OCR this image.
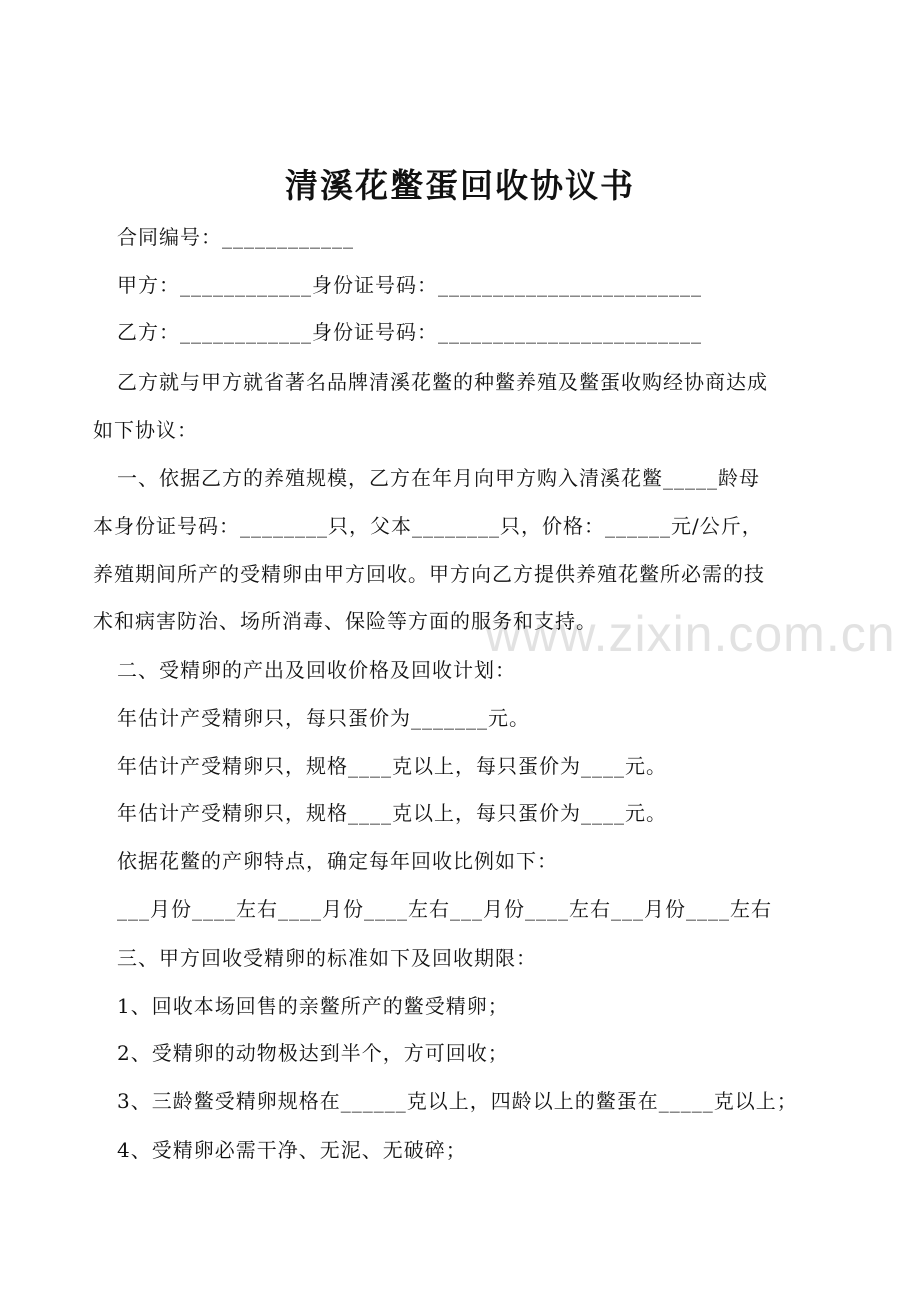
www.zixin.com.cn
清溪花鳖蛋回收协议书
合同编号：____________
甲方：____________身份证号码：________________________
乙方：____________身份证号码：________________________
乙方就与甲方就省著名品牌清溪花鳖的种鳖养殖及鳖蛋收购经协商达成
如下协议：
一、依据乙方的养殖规模，乙方在年月向甲方购入清溪花鳖_____龄母
本身份证号码：________只，父本________只，价格：______元/公斤，
养殖期间所产的受精卵由甲方回收。甲方向乙方提供养殖花鳖所必需的技
术和病害防治、场所消毒、保险等方面的服务和支持。
二、受精卵的产出及回收价格及回收计划：
年估计产受精卵只，每只蛋价为_______元。
年估计产受精卵只，规格____克以上，每只蛋价为____元。
年估计产受精卵只，规格____克以上，每只蛋价为____元。
依据花鳖的产卵特点，确定每年回收比例如下：
___月份____左右____月份____左右___月份____左右___月份____左右
三、甲方回收受精卵的标准如下及回收期限：
1、回收本场回售的亲鳖所产的鳖受精卵；
2、受精卵的动物极达到半个，方可回收；
3、三龄鳖受精卵规格在______克以上，四龄以上的鳖蛋在_____克以上；
4、受精卵必需干净、无泥、无破碎；
